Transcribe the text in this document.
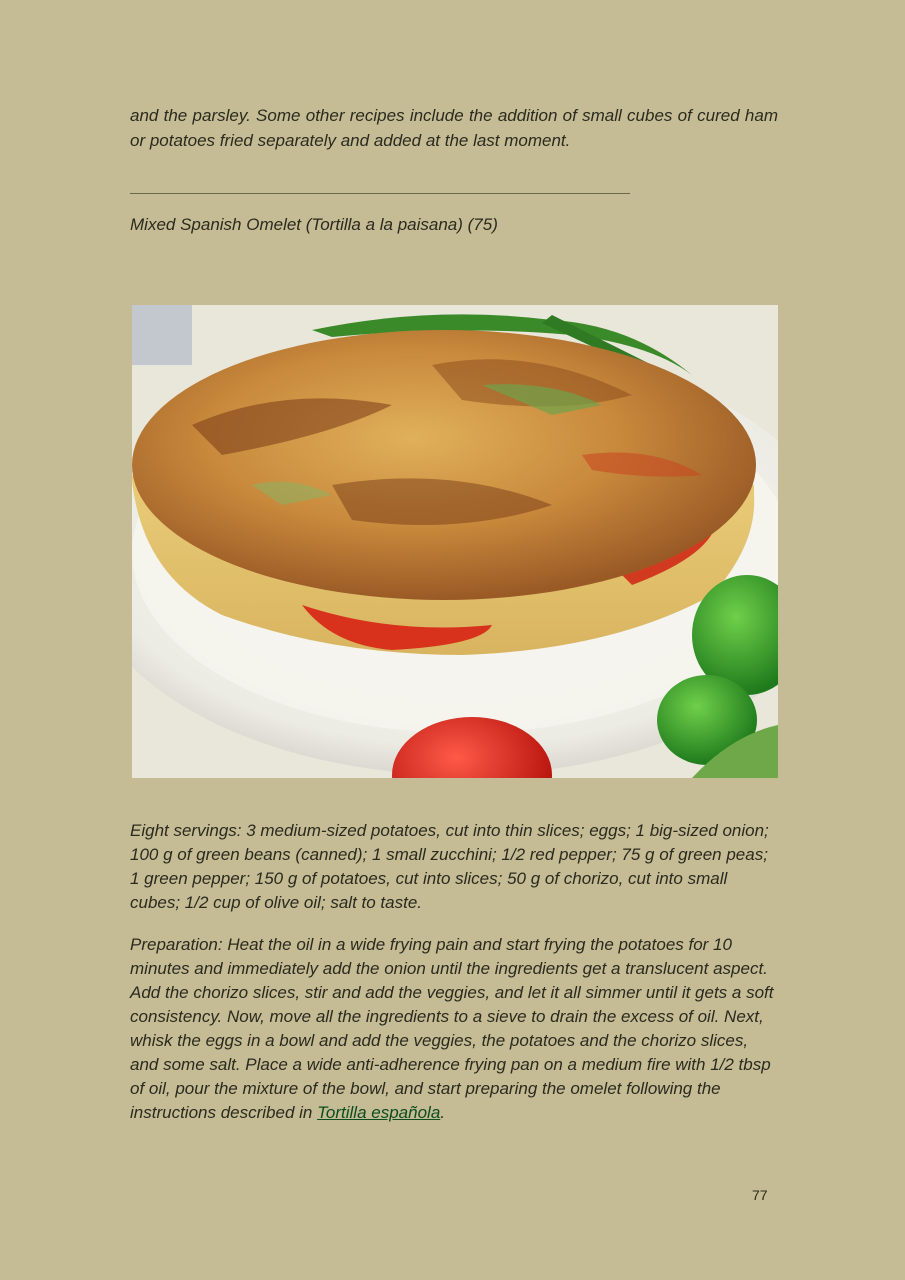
and the parsley. Some other recipes include the addition of small cubes of cured ham or potatoes fried separately and added at the last moment.

Mixed Spanish Omelet (Tortilla a la paisana) (75)

Eight servings: 3 medium-sized potatoes, cut into thin slices; eggs; 1 big-sized onion; 100 g of green beans (canned); 1 small zucchini; 1/2 red pepper; 75 g of green peas; 1 green pepper; 150 g of potatoes, cut into slices; 50 g of chorizo, cut into small cubes; 1/2 cup of olive oil; salt to taste.

Preparation: Heat the oil in a wide frying pain and start frying the potatoes for 10 minutes and immediately add the onion until the ingredients get a translucent aspect. Add the chorizo slices, stir and add the veggies, and let it all simmer until it gets a soft consistency. Now, move all the ingredients to a sieve to drain the excess of oil. Next, whisk the eggs in a bowl and add the veggies, the potatoes and the chorizo slices, and some salt. Place a wide anti-adherence frying pan on a medium fire with 1/2 tbsp of oil, pour the mixture of the bowl, and start preparing the omelet following the instructions described in Tortilla española.

77
